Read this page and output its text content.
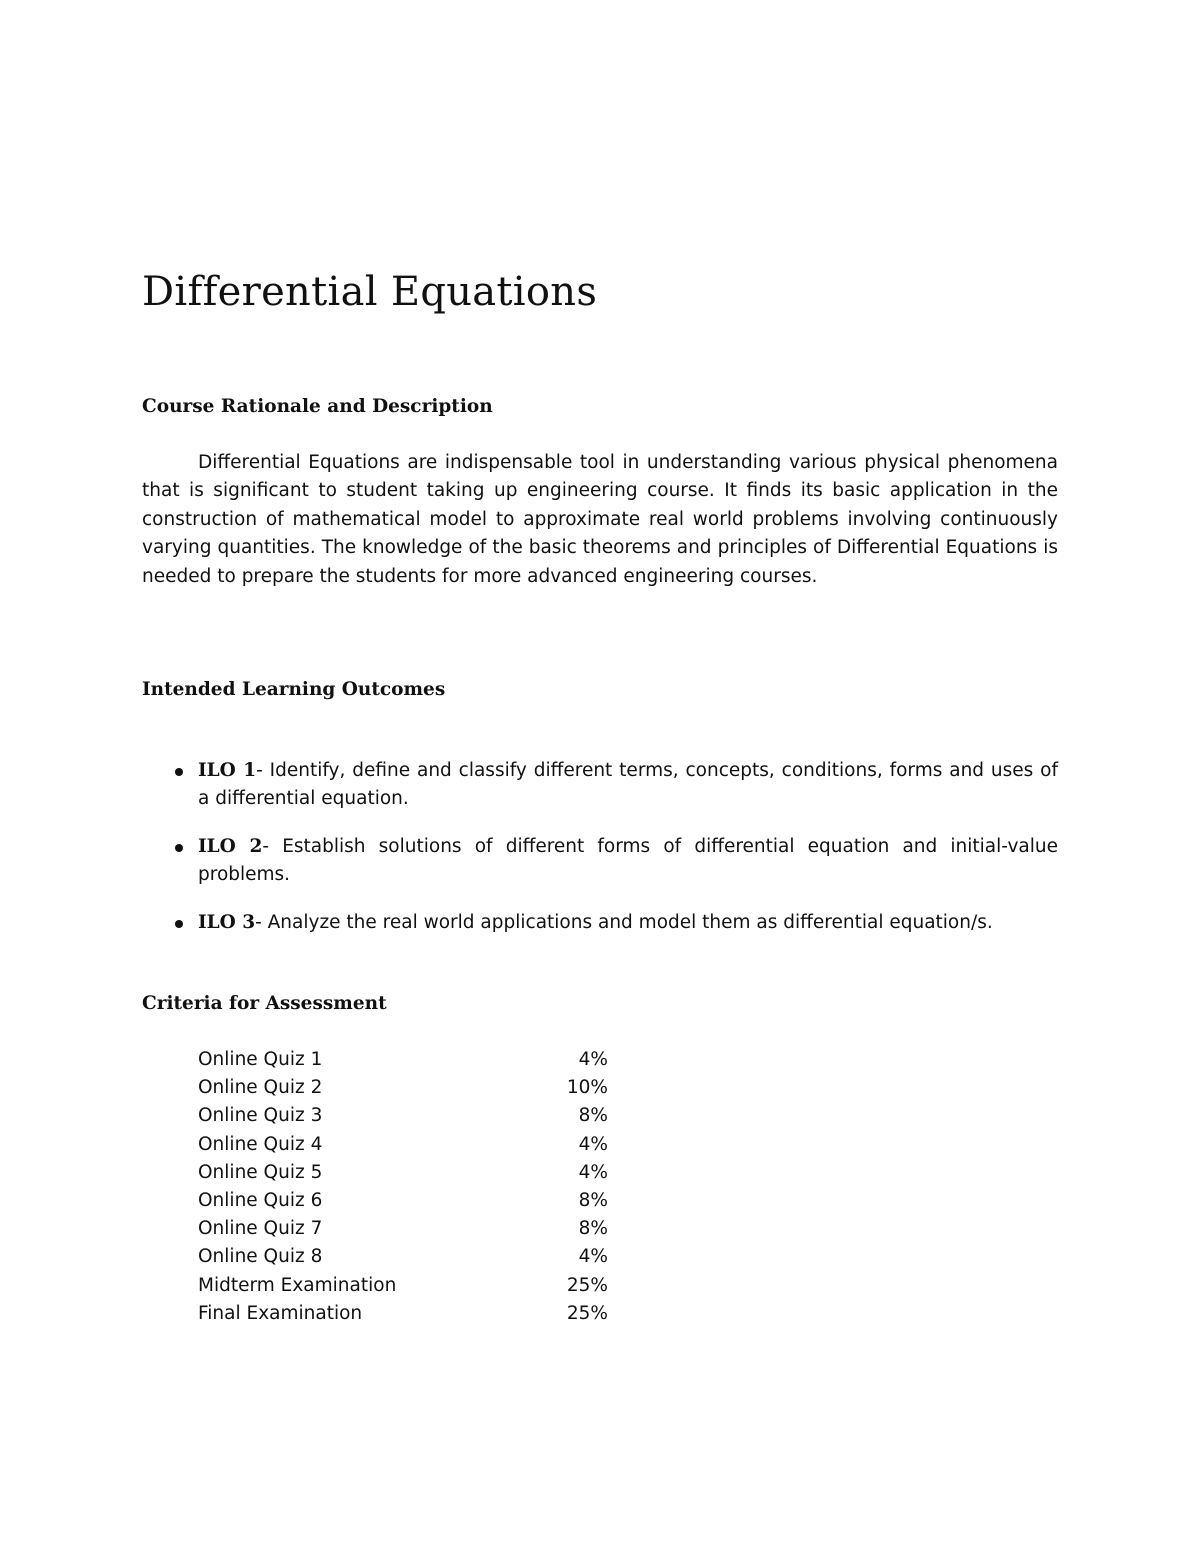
Differential Equations
Course Rationale and Description

Differential Equations are indispensable tool in understanding various physical phenomena that is significant to student taking up engineering course. It finds its basic application in the construction of mathematical model to approximate real world problems involving continuously varying quantities. The knowledge of the basic theorems and principles of Differential Equations is needed to prepare the students for more advanced engineering courses.

Intended Learning Outcomes
ILO 1- Identify, define and classify different terms, concepts, conditions, forms and uses of a differential equation.
ILO 2- Establish solutions of different forms of differential equation and initial-value problems.
ILO 3- Analyze the real world applications and model them as differential equation/s.
Criteria for Assessment
Online Quiz 1	4%
Online Quiz 2	10%
Online Quiz 3	8%
Online Quiz 4	4%
Online Quiz 5	4%
Online Quiz 6	8%
Online Quiz 7	8%
Online Quiz 8	4%
Midterm Examination	25%
Final Examination	25%
